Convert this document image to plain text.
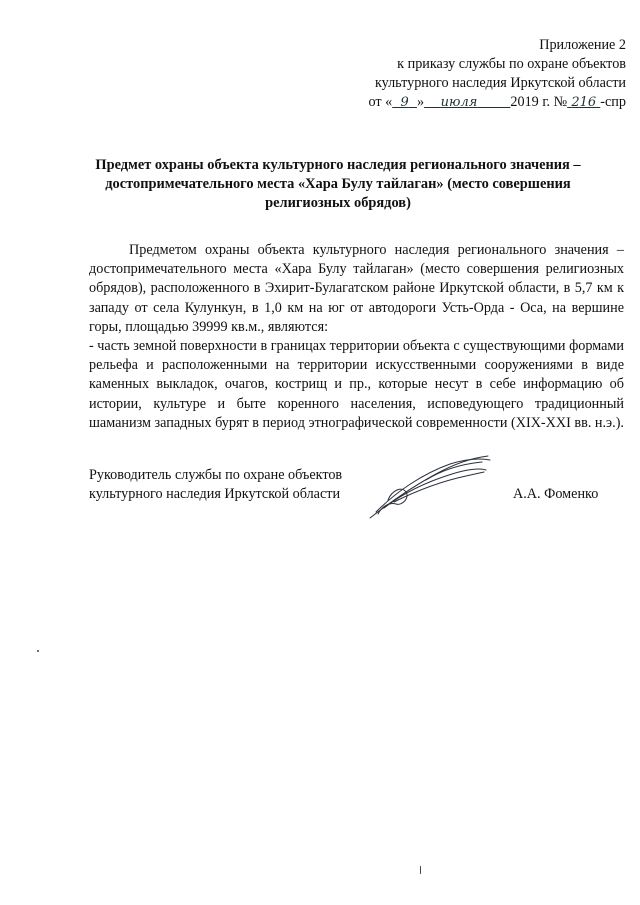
Приложение 2
к приказу службы по охране объектов
культурного наследия Иркутской области
от « 9 » июля 2019 г. № 216 -спр
Предмет охраны объекта культурного наследия регионального значения –
достопримечательного места «Хара Булу тайлаган» (место совершения
религиозных обрядов)

Предметом охраны объекта культурного наследия регионального значения – достопримечательного места «Хара Булу тайлаган» (место совершения религиозных обрядов), расположенного в Эхирит-Булагатском районе Иркутской области, в 5,7 км к западу от села Кулункун, в 1,0 км на юг от автодороги Усть-Орда - Оса, на вершине горы, площадью 39999 кв.м., являются:

- часть земной поверхности в границах территории объекта с существующими формами рельефа и расположенными на территории искусственными сооружениями в виде каменных выкладок, очагов, кострищ и пр., которые несут в себе информацию об истории, культуре и быте коренного населения, исповедующего традиционный шаманизм западных бурят в период этнографической современности (XIX-XXI вв. н.э.).

Руководитель службы по охране объектов
культурного наследия Иркутской области	А.А. Фоменко
